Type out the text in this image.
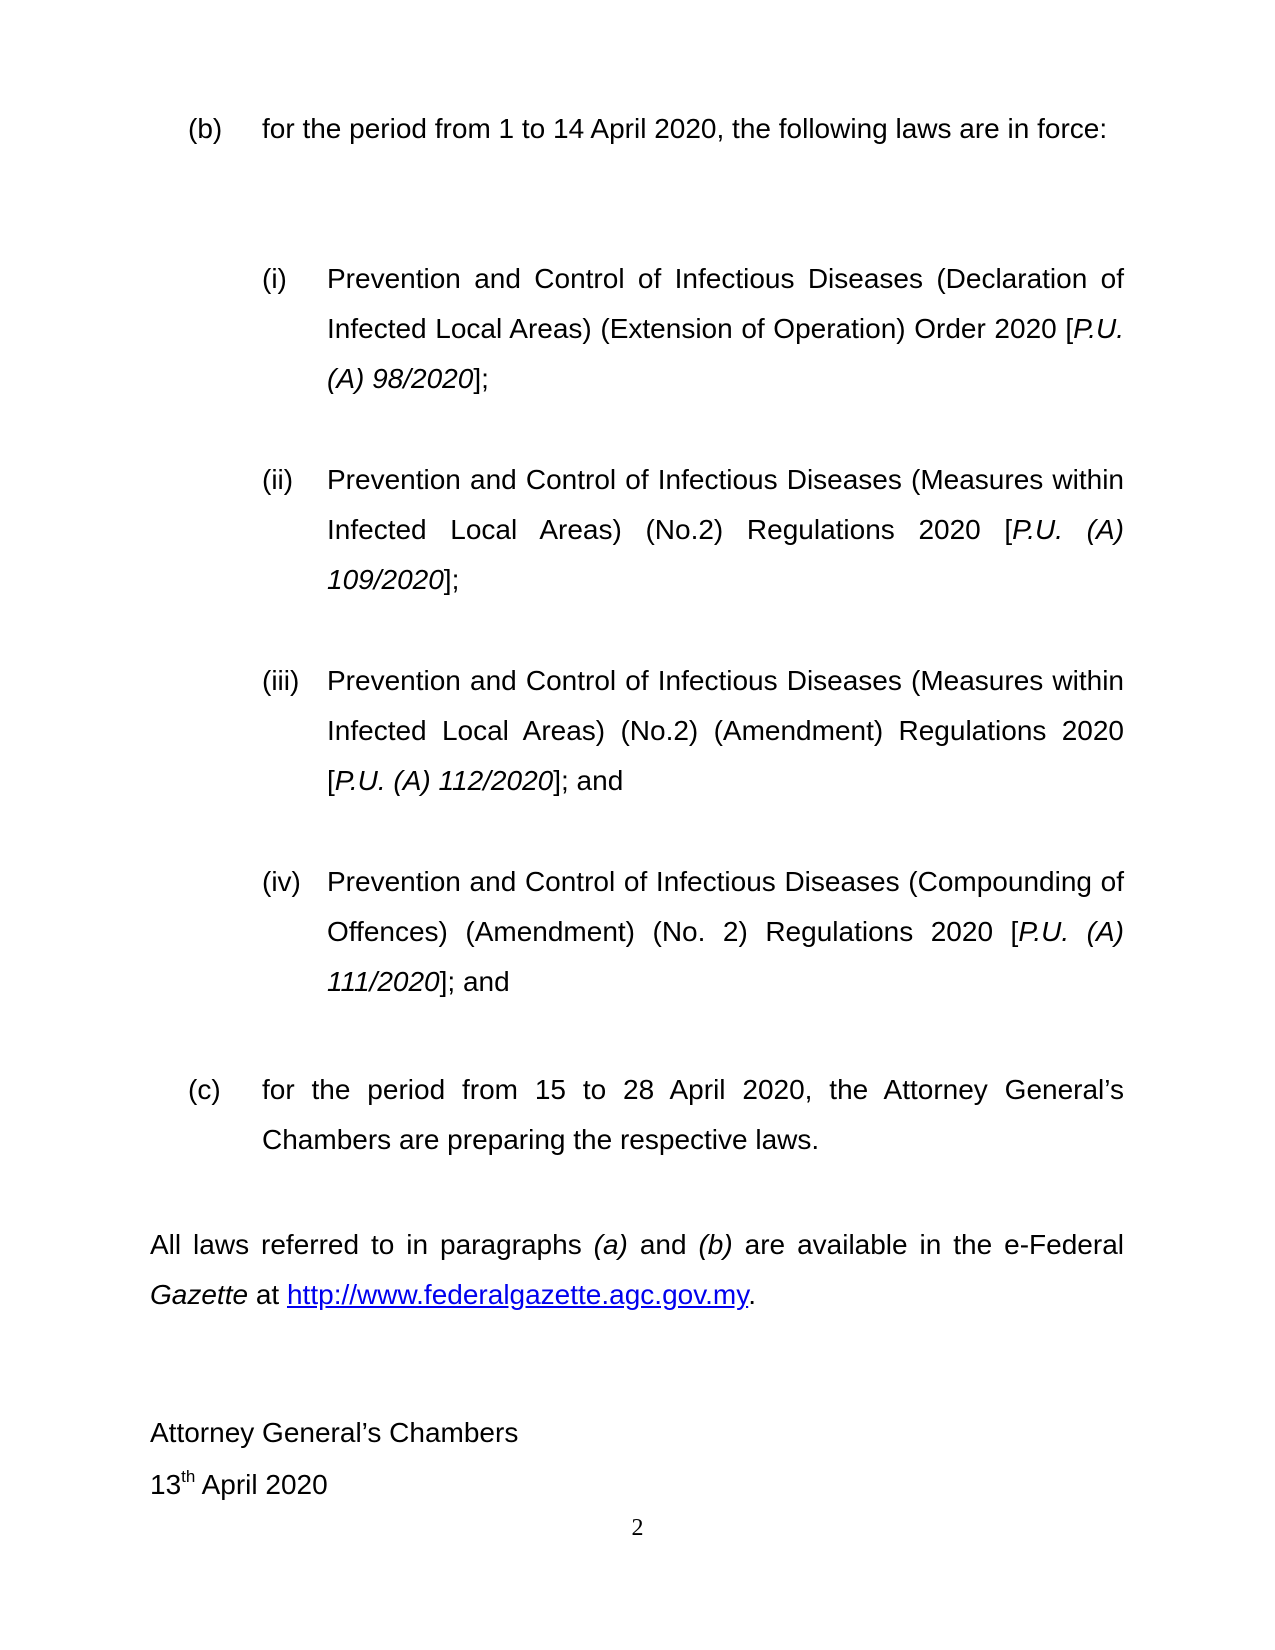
(b) for the period from 1 to 14 April 2020, the following laws are in force:
(i) Prevention and Control of Infectious Diseases (Declaration of Infected Local Areas) (Extension of Operation) Order 2020 [P.U. (A) 98/2020];
(ii) Prevention and Control of Infectious Diseases (Measures within Infected Local Areas) (No.2) Regulations 2020 [P.U. (A) 109/2020];
(iii) Prevention and Control of Infectious Diseases (Measures within Infected Local Areas) (No.2) (Amendment) Regulations 2020 [P.U. (A) 112/2020]; and
(iv) Prevention and Control of Infectious Diseases (Compounding of Offences) (Amendment) (No. 2) Regulations 2020 [P.U. (A) 111/2020]; and
(c) for the period from 15 to 28 April 2020, the Attorney General’s Chambers are preparing the respective laws.
All laws referred to in paragraphs (a) and (b) are available in the e-Federal Gazette at http://www.federalgazette.agc.gov.my.
Attorney General’s Chambers
13th April 2020
2
